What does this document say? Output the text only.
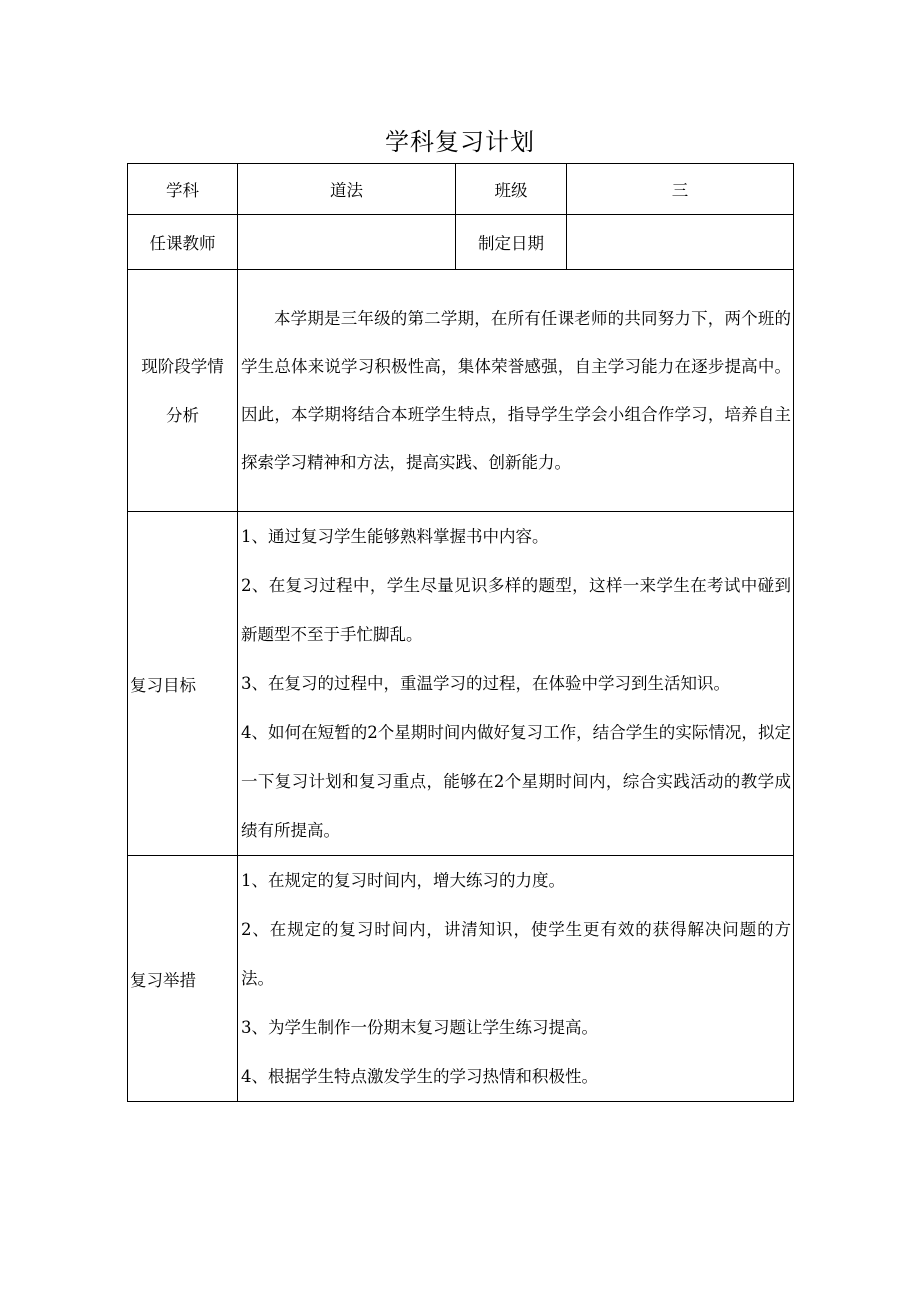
学科复习计划
学科	道法	班级	三
任课教师		制定日期	

现阶段学情
分析	本学期是三年级的第二学期，在所有任课老师的共同努力下，两个班的学生总体来说学习积极性高，集体荣誉感强，自主学习能力在逐步提高中。因此，本学期将结合本班学生特点，指导学生学会小组合作学习，培养自主探索学习精神和方法，提高实践、创新能力。		

复习目标	1、通过复习学生能够熟料掌握书中内容。

2、在复习过程中，学生尽量见识多样的题型，这样一来学生在考试中碰到新题型不至于手忙脚乱。

3、在复习的过程中，重温学习的过程，在体验中学习到生活知识。

4、如何在短暂的2个星期时间内做好复习工作，结合学生的实际情况，拟定一下复习计划和复习重点，能够在2个星期时间内，综合实践活动的教学成绩有所提高。		

复习举措	1、在规定的复习时间内，增大练习的力度。

2、在规定的复习时间内，讲清知识，使学生更有效的获得解决问题的方法。

3、为学生制作一份期末复习题让学生练习提高。

4、根据学生特点激发学生的学习热情和积极性。		
